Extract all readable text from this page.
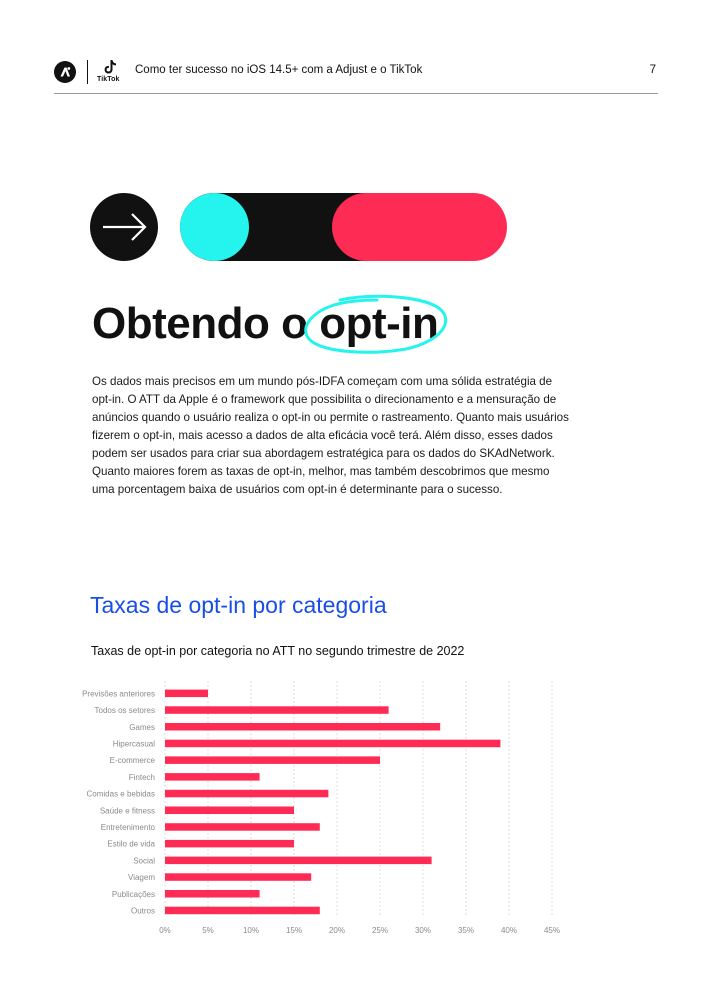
TikTok
Como ter sucesso no iOS 14.5+ com a Adjust e o TikTok	7
Obtendo o opt-in

Os dados mais precisos em um mundo pós-IDFA começam com uma sólida estratégia de

opt-in. O ATT da Apple é o framework que possibilita o direcionamento e a mensuração de

anúncios quando o usuário realiza o opt-in ou permite o rastreamento. Quanto mais usuários

fizerem o opt-in, mais acesso a dados de alta eficácia você terá. Além disso, esses dados

podem ser usados para criar sua abordagem estratégica para os dados do SKAdNetwork.

Quanto maiores forem as taxas de opt-in, melhor, mas também descobrimos que mesmo

uma porcentagem baixa de usuários com opt-in é determinante para o sucesso.

Taxas de opt-in por categoria
Taxas de opt-in por categoria no ATT no segundo trimestre de 2022
0%	5%	10%	15%	20%	25%	30%	35%	40%	45%
Previsões anteriores
Todos os setores
Games
Hipercasual
E-commerce
Fintech
Comidas e bebidas
Saúde e fitness
Entretenimento
Estilo de vida
Social
Viagem
Publicações
Outros
